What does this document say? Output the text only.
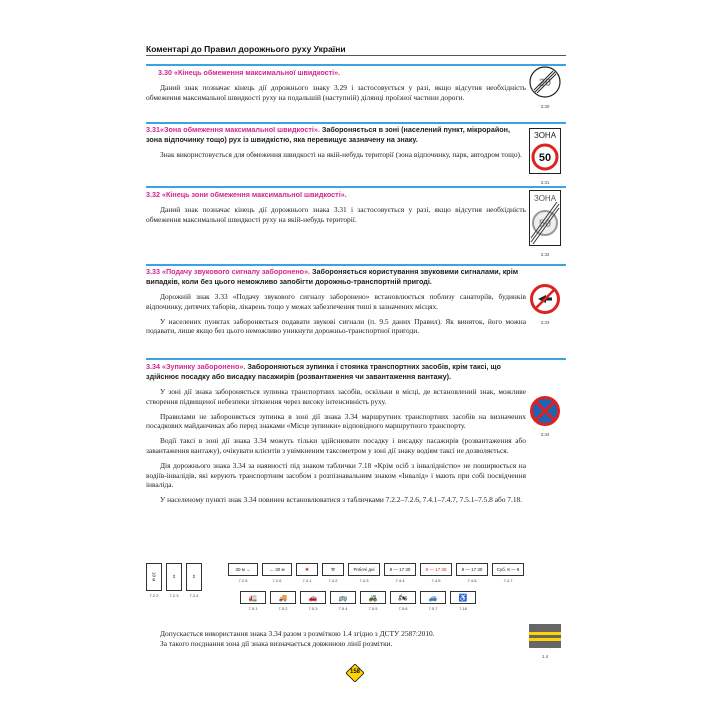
Коментарі до Правил дорожнього руху України
3.30 «Кінець обмеження максимальної швидкості».

Даний знак позначає кінець дії дорожнього знаку 3.29 і застосовується у разі, якщо відсутня необхідність обмеження максимальної швидкості руху на подальшій (наступній) ділянці проїзної частини дороги.

20
3.30
3.31«Зона обмеження максимальної швидкості». Забороняється в зоні (населений пункт, мікрорайон, зона відпочинку тощо) рух із швидкістю, яка перевищує зазначену на знаку.

Знак використовується для обмеження швидкості на якій-небудь території (зона відпочинку, парк, автодром тощо).

ЗОНА
50
3.31
3.32 «Кінець зони обмеження максимальної швидкості».

Даний знак позначає кінець дії дорожнього знака 3.31 і застосовується у разі, якщо відсутня необхідність обмеження максимальної швидкості руху на якій-небудь території.

ЗОНА
50
3.32
3.33 «Подачу звукового сигналу заборонено». Забороняється користування звуковими сигналами, крім випадків, коли без цього неможливо запобігти дорожньо-транспортній пригоді.

Дорожній знак 3.33 «Подачу звукового сигналу заборонено» встановлюється поблизу санаторіїв, будинків відпочинку, дитячих таборів, лікарень тощо у межах забезпечення тиші в зазначених місцях.

У населених пунктах забороняється подавати звукові сигнали (п. 9.5 даних Правил). Як виняток, його можна подавати, лише якщо без цього неможливо уникнути дорожньо-транспортної пригоди.

3.33
3.34 «Зупинку заборонено». Забороняються зупинка і стоянка транспортних засобів, крім таксі, що здійснює посадку або висадку пасажирів (розвантаження чи завантаження вантажу).

У зоні дії знака забороняється зупинка транспортних засобів, оскільки в місці, де встановлений знак, можливе створення підвищеної небезпеки зіткнення через високу інтенсивність руху.

Правилами не забороняється зупинка в зоні дії знака 3.34 маршрутних транспортних засобів на визначених посадкових майданчиках або перед знаками «Місце зупинки» відповідного маршрутного транспорту.

Водії таксі в зоні дії знака 3.34 можуть тільки здійснювати посадку і висадку пасажирів (розвантаження або завантаження вантажу), очікувати клієнтів з увімкненим таксометром у зоні дії знаку водіям таксі не дозволяється.

Дія дорожнього знака 3.34 за наявності під знаком таблички 7.18 «Крім осіб з інвалідністю» не поширюється на водіїв-інвалідів, які керують транспортним засобом з розпізнавальним знаком «Інвалід» і мають при собі посвідчення інваліда.

У населеному пункті знак 3.34 повинен встановлюватися з табличками 7.2.2–7.2.6, 7.4.1–7.4.7, 7.5.1–7.5.8 або 7.18.

3.34
10 м
7.2.2
⇕
7.2.3
⇕
7.2.4
30 м →
7.2.5
← 30 м
7.2.6
✱
7.4.1
⚒
7.4.2
Робочі дні
7.4.3
8 — 17 30
7.4.4
8 — 17 30
7.4.5
8 — 17 30
7.4.6
Суб. 8 — 9
7.4.7
🚛
7.5.1
🚚
7.5.2
🚗
7.5.3
🚌
7.5.4
🚜
7.5.5
🏍
7.5.6
🚙
7.5.7
♿
7.18

Допускається використання знака 3.34 разом з розміткою 1.4 згідно з ДСТУ 2587:2010.

За такого поєднання зона дії знака визначається довжиною лінії розмітки.

1.4
158
